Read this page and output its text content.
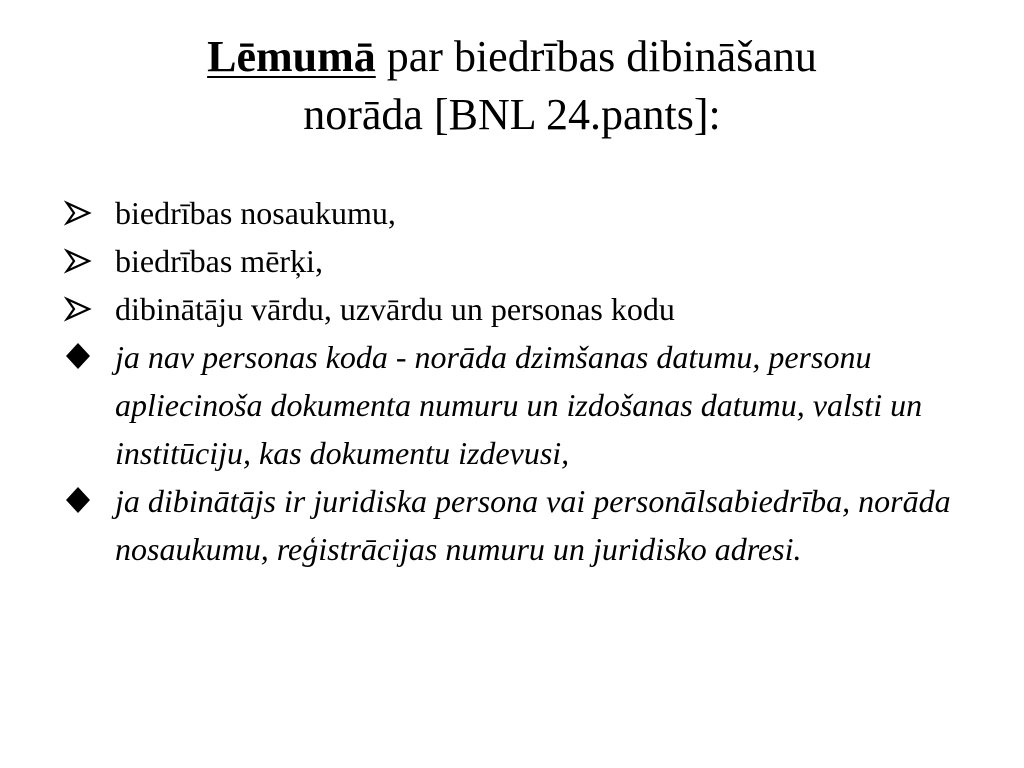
Lēmumā par biedrības dibināšanu
norāda [BNL 24.pants]:
biedrības nosaukumu,
biedrības mērķi,
dibinātāju vārdu, uzvārdu un personas kodu
ja nav personas koda - norāda dzimšanas datumu, personu apliecinoša dokumenta numuru un izdošanas datumu, valsti un institūciju, kas dokumentu izdevusi,
ja dibinātājs ir juridiska persona vai personālsabiedrība, norāda nosaukumu, reģistrācijas numuru un juridisko adresi.
